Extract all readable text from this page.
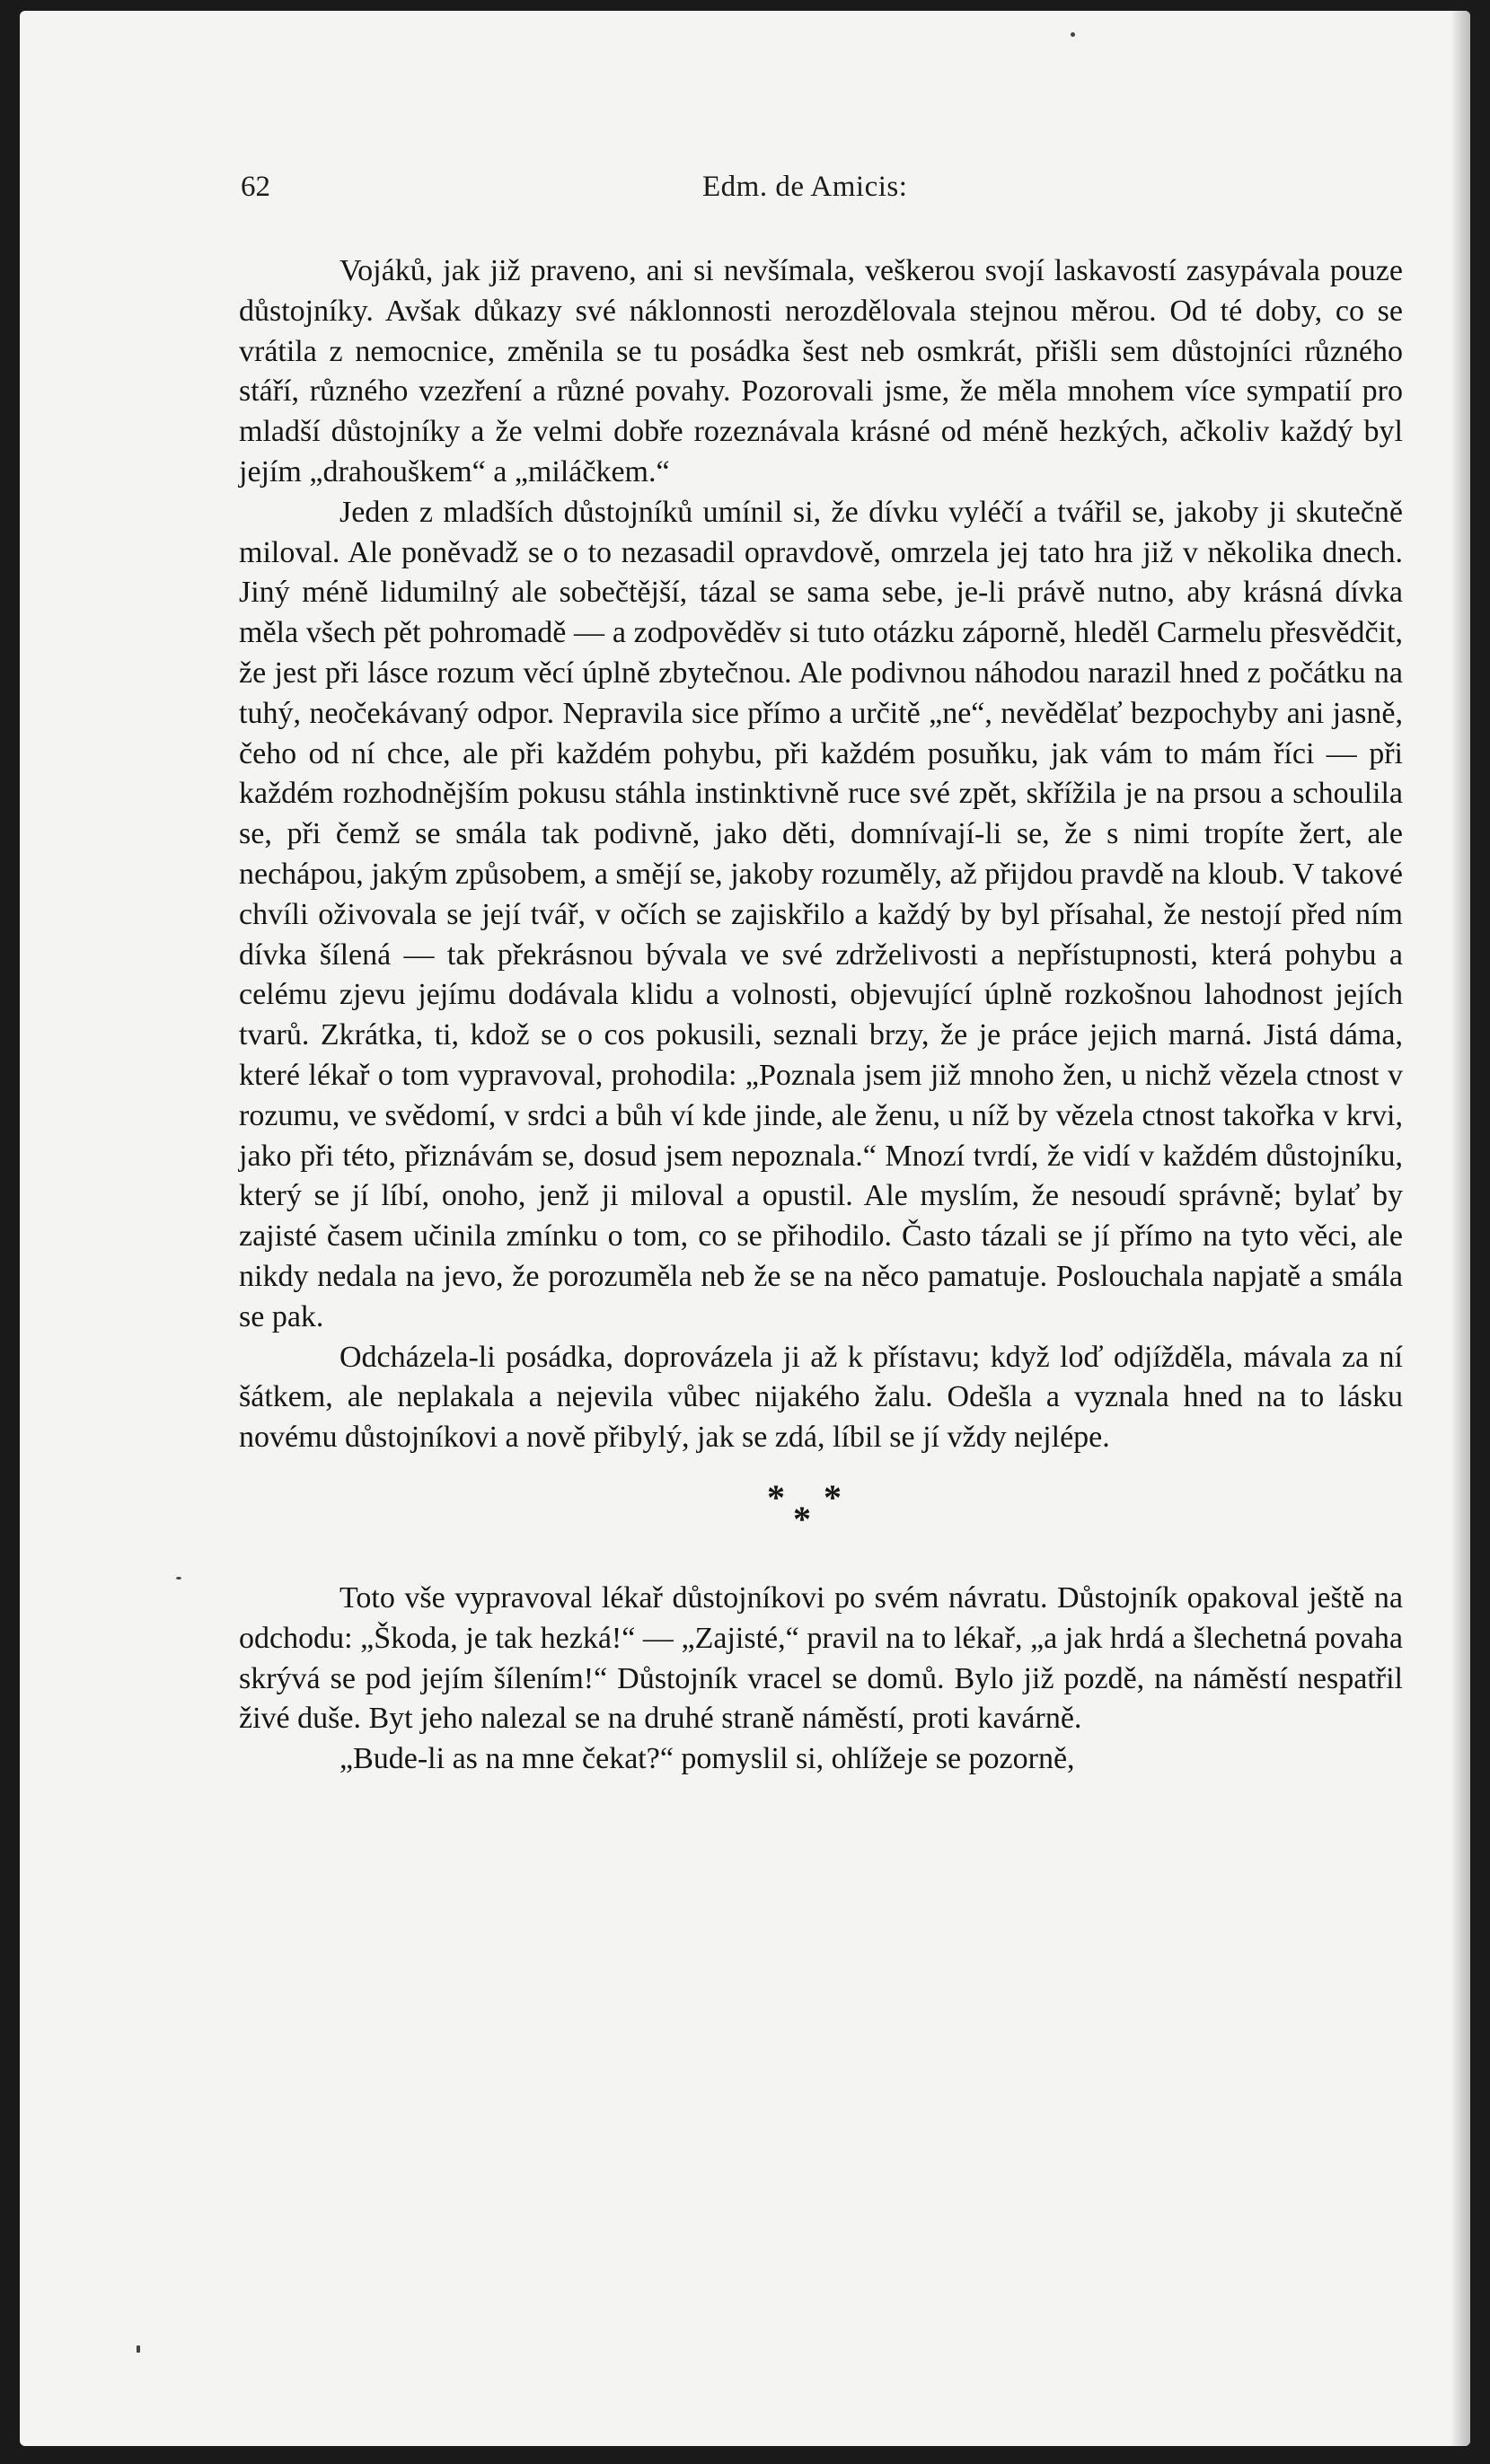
62	Edm. de Amicis:

Vojáků, jak již praveno, ani si nevšímala, veškerou svojí laskavostí zasypávala pouze důstojníky. Avšak důkazy své náklonnosti nerozdělovala stejnou měrou. Od té doby, co se vrátila z nemocnice, změnila se tu posádka šest neb osmkrát, přišli sem důstojníci různého stáří, různého vzezření a různé povahy. Pozorovali jsme, že měla mnohem více sympatií pro mladší důstojníky a že velmi dobře rozeznávala krásné od méně hezkých, ačkoliv každý byl jejím „drahouškem“ a „miláčkem.“

Jeden z mladších důstojníků umínil si, že dívku vyléčí a tvářil se, jakoby ji skutečně miloval. Ale poněvadž se o to nezasadil opravdově, omrzela jej tato hra již v několika dnech. Jiný méně lidumilný ale sobečtější, tázal se sama sebe, je-li právě nutno, aby krásná dívka měla všech pět pohromadě — a zodpověděv si tuto otázku záporně, hleděl Carmelu přesvědčit, že jest při lásce rozum věcí úplně zbytečnou. Ale podivnou náhodou narazil hned z počátku na tuhý, neočekávaný odpor. Nepravila sice přímo a určitě „ne“, nevědělať bezpochyby ani jasně, čeho od ní chce, ale při každém pohybu, při každém posuňku, jak vám to mám říci — při každém rozhodnějším pokusu stáhla instinktivně ruce své zpět, skřížila je na prsou a schoulila se, při čemž se smála tak podivně, jako děti, domnívají-li se, že s nimi tropíte žert, ale nechápou, jakým způsobem, a smějí se, jakoby rozuměly, až přijdou pravdě na kloub. V takové chvíli oživovala se její tvář, v očích se zajiskřilo a každý by byl přísahal, že nestojí před ním dívka šílená — tak překrásnou bývala ve své zdrželivosti a nepřístupnosti, která pohybu a celému zjevu jejímu dodávala klidu a volnosti, objevující úplně rozkošnou lahodnost jejích tvarů. Zkrátka, ti, kdož se o cos pokusili, seznali brzy, že je práce jejich marná. Jistá dáma, které lékař o tom vypravoval, prohodila: „Poznala jsem již mnoho žen, u nichž vězela ctnost v rozumu, ve svědomí, v srdci a bůh ví kde jinde, ale ženu, u níž by vězela ctnost takořka v krvi, jako při této, přiznávám se, dosud jsem nepoznala.“ Mnozí tvrdí, že vidí v každém důstojníku, který se jí líbí, onoho, jenž ji miloval a opustil. Ale myslím, že nesoudí správně; bylať by zajisté časem učinila zmínku o tom, co se přihodilo. Často tázali se jí přímo na tyto věci, ale nikdy nedala na jevo, že porozuměla neb že se na něco pamatuje. Poslouchala napjatě a smála se pak.

Odcházela-li posádka, doprovázela ji až k přístavu; když loď odjížděla, mávala za ní šátkem, ale neplakala a nejevila vůbec nijakého žalu. Odešla a vyznala hned na to lásku novému důstojníkovi a nově přibylý, jak se zdá, líbil se jí vždy nejlépe.

* *
*

Toto vše vypravoval lékař důstojníkovi po svém návratu. Důstojník opakoval ještě na odchodu: „Škoda, je tak hezká!“ — „Zajisté,“ pravil na to lékař, „a jak hrdá a šlechetná povaha skrývá se pod jejím šílením!“ Důstojník vracel se domů. Bylo již pozdě, na náměstí nespatřil živé duše. Byt jeho nalezal se na druhé straně náměstí, proti kavárně.

„Bude-li as na mne čekat?“ pomyslil si, ohlížeje se pozorně,
